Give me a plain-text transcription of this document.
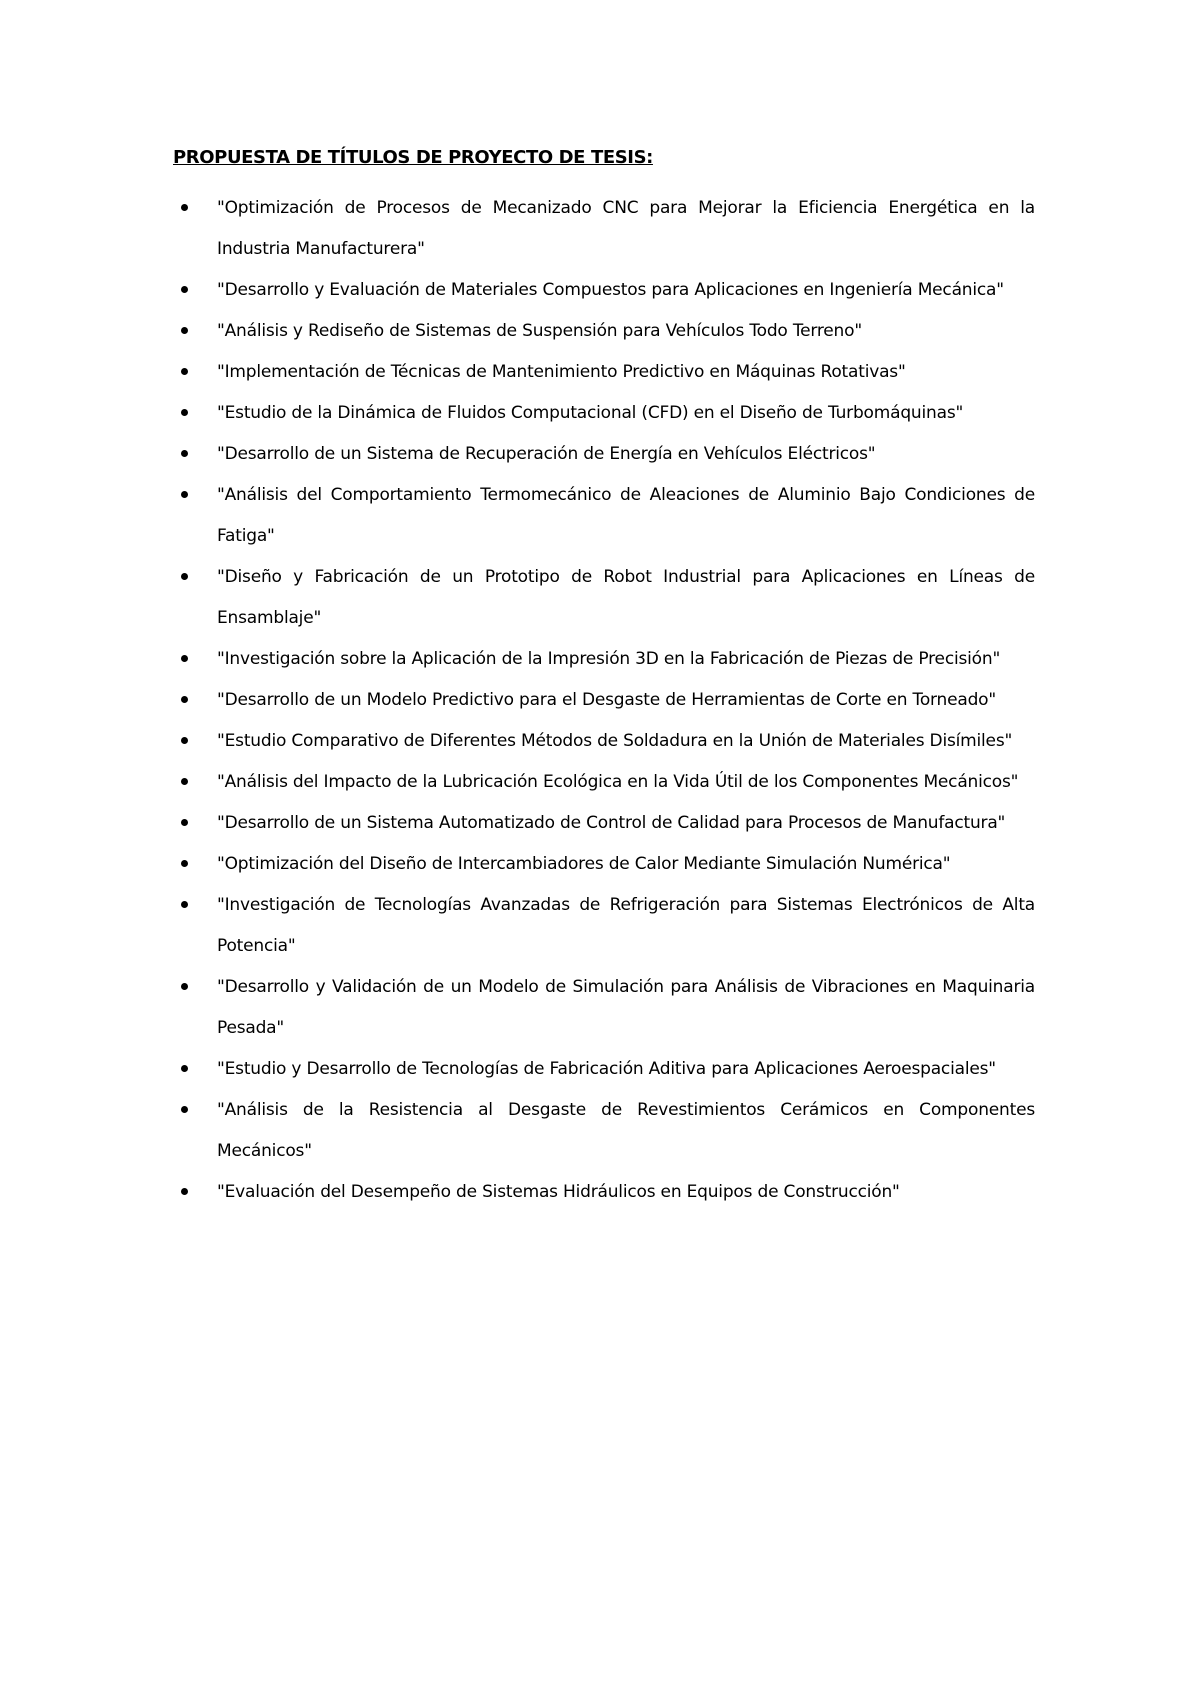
PROPUESTA DE TÍTULOS DE PROYECTO DE TESIS:

"Optimización de Procesos de Mecanizado CNC para Mejorar la Eficiencia Energética en la Industria Manufacturera"
"Desarrollo y Evaluación de Materiales Compuestos para Aplicaciones en Ingeniería Mecánica"
"Análisis y Rediseño de Sistemas de Suspensión para Vehículos Todo Terreno"
"Implementación de Técnicas de Mantenimiento Predictivo en Máquinas Rotativas"
"Estudio de la Dinámica de Fluidos Computacional (CFD) en el Diseño de Turbomáquinas"
"Desarrollo de un Sistema de Recuperación de Energía en Vehículos Eléctricos"
"Análisis del Comportamiento Termomecánico de Aleaciones de Aluminio Bajo Condiciones de Fatiga"
"Diseño y Fabricación de un Prototipo de Robot Industrial para Aplicaciones en Líneas de Ensamblaje"
"Investigación sobre la Aplicación de la Impresión 3D en la Fabricación de Piezas de Precisión"
"Desarrollo de un Modelo Predictivo para el Desgaste de Herramientas de Corte en Torneado"
"Estudio Comparativo de Diferentes Métodos de Soldadura en la Unión de Materiales Disímiles"
"Análisis del Impacto de la Lubricación Ecológica en la Vida Útil de los Componentes Mecánicos"
"Desarrollo de un Sistema Automatizado de Control de Calidad para Procesos de Manufactura"
"Optimización del Diseño de Intercambiadores de Calor Mediante Simulación Numérica"
"Investigación de Tecnologías Avanzadas de Refrigeración para Sistemas Electrónicos de Alta Potencia"
"Desarrollo y Validación de un Modelo de Simulación para Análisis de Vibraciones en Maquinaria Pesada"
"Estudio y Desarrollo de Tecnologías de Fabricación Aditiva para Aplicaciones Aeroespaciales"
"Análisis de la Resistencia al Desgaste de Revestimientos Cerámicos en Componentes Mecánicos"
"Evaluación del Desempeño de Sistemas Hidráulicos en Equipos de Construcción"
